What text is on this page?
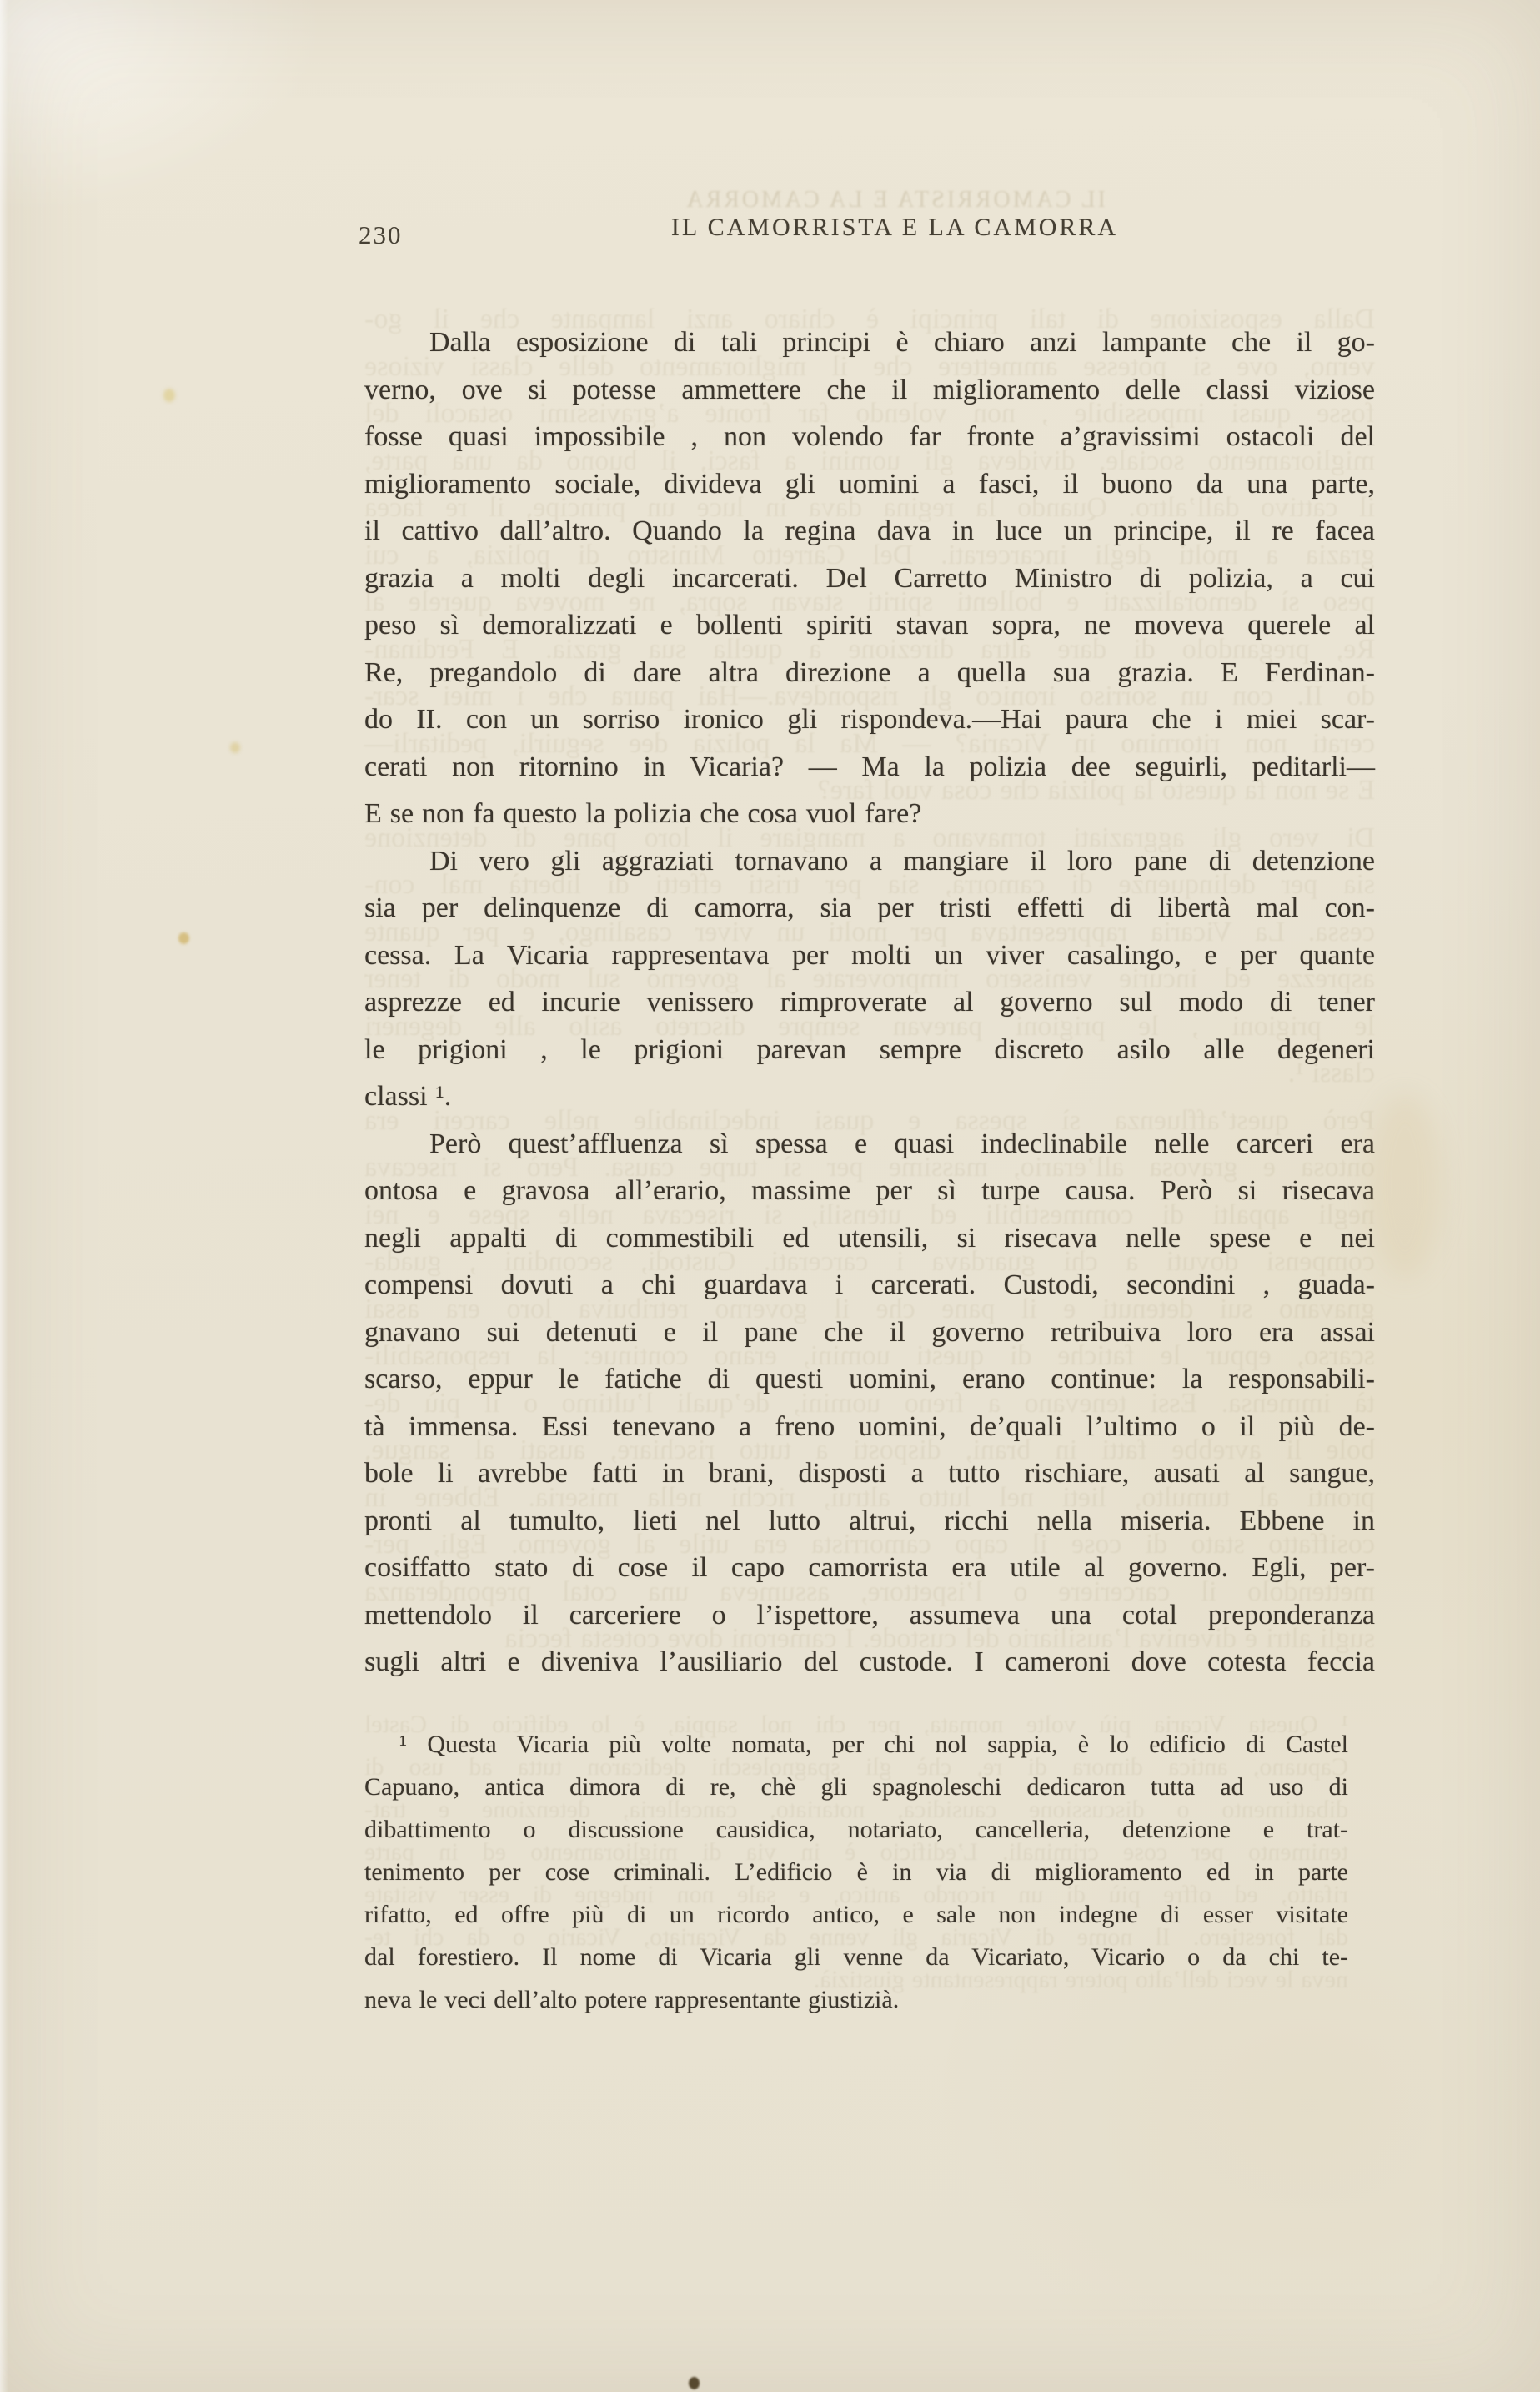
Dalla esposizione di tali principi è chiaro anzi lampante che il go-
verno, ove si potesse ammettere che il miglioramento delle classi viziose
fosse quasi impossibile , non volendo far fronte a’gravissimi ostacoli del
miglioramento sociale, divideva gli uomini a fasci, il buono da una parte,
il cattivo dall’altro. Quando la regina dava in luce un principe, il re facea
grazia a molti degli incarcerati. Del Carretto Ministro di polizia, a cui
peso sì demoralizzati e bollenti spiriti stavan sopra, ne moveva querele al
Re, pregandolo di dare altra direzione a quella sua grazia. E Ferdinan-
do II. con un sorriso ironico gli rispondeva.—Hai paura che i miei scar-
cerati non ritornino in Vicaria? — Ma la polizia dee seguirli, peditarli—
E se non fa questo la polizia che cosa vuol fare?
Di vero gli aggraziati tornavano a mangiare il loro pane di detenzione
sia per delinquenze di camorra, sia per tristi effetti di libertà mal con-
cessa. La Vicaria rappresentava per molti un viver casalingo, e per quante
asprezze ed incurie venissero rimproverate al governo sul modo di tener
le prigioni , le prigioni parevan sempre discreto asilo alle degeneri
classi ¹.
Però quest’affluenza sì spessa e quasi indeclinabile nelle carceri era
ontosa e gravosa all’erario, massime per sì turpe causa. Però si risecava
negli appalti di commestibili ed utensili, si risecava nelle spese e nei
compensi dovuti a chi guardava i carcerati. Custodi, secondini , guada-
gnavano sui detenuti e il pane che il governo retribuiva loro era assai
scarso, eppur le fatiche di questi uomini, erano continue: la responsabili-
tà immensa. Essi tenevano a freno uomini, de’quali l’ultimo o il più de-
bole li avrebbe fatti in brani, disposti a tutto rischiare, ausati al sangue,
pronti al tumulto, lieti nel lutto altrui, ricchi nella miseria. Ebbene in
cosiffatto stato di cose il capo camorrista era utile al governo. Egli, per-
mettendolo il carceriere o l’ispettore, assumeva una cotal preponderanza
sugli altri e diveniva l’ausiliario del custode. I cameroni dove cotesta feccia
¹ Questa Vicaria più volte nomata, per chi nol sappia, è lo edificio di Castel
Capuano, antica dimora di re, chè gli spagnoleschi dedicaron tutta ad uso di
dibattimento o discussione causidica, notariato, cancelleria, detenzione e trat-
tenimento per cose criminali. L’edificio è in via di miglioramento ed in parte
rifatto, ed offre più di un ricordo antico, e sale non indegne di esser visitate
dal forestiero. Il nome di Vicaria gli venne da Vicariato, Vicario o da chi te-
neva le veci dell’alto potere rappresentante giustizià.
IL CAMORRISTA E LA CAMORRA
230	IL CAMORRISTA E LA CAMORRA
Dalla esposizione di tali principi è chiaro anzi lampante che il go-
verno, ove si potesse ammettere che il miglioramento delle classi viziose
fosse quasi impossibile , non volendo far fronte a’gravissimi ostacoli del
miglioramento sociale, divideva gli uomini a fasci, il buono da una parte,
il cattivo dall’altro. Quando la regina dava in luce un principe, il re facea
grazia a molti degli incarcerati. Del Carretto Ministro di polizia, a cui
peso sì demoralizzati e bollenti spiriti stavan sopra, ne moveva querele al
Re, pregandolo di dare altra direzione a quella sua grazia. E Ferdinan-
do II. con un sorriso ironico gli rispondeva.—Hai paura che i miei scar-
cerati non ritornino in Vicaria? — Ma la polizia dee seguirli, peditarli—
E se non fa questo la polizia che cosa vuol fare?
Di vero gli aggraziati tornavano a mangiare il loro pane di detenzione
sia per delinquenze di camorra, sia per tristi effetti di libertà mal con-
cessa. La Vicaria rappresentava per molti un viver casalingo, e per quante
asprezze ed incurie venissero rimproverate al governo sul modo di tener
le prigioni , le prigioni parevan sempre discreto asilo alle degeneri
classi ¹.
Però quest’affluenza sì spessa e quasi indeclinabile nelle carceri era
ontosa e gravosa all’erario, massime per sì turpe causa. Però si risecava
negli appalti di commestibili ed utensili, si risecava nelle spese e nei
compensi dovuti a chi guardava i carcerati. Custodi, secondini , guada-
gnavano sui detenuti e il pane che il governo retribuiva loro era assai
scarso, eppur le fatiche di questi uomini, erano continue: la responsabili-
tà immensa. Essi tenevano a freno uomini, de’quali l’ultimo o il più de-
bole li avrebbe fatti in brani, disposti a tutto rischiare, ausati al sangue,
pronti al tumulto, lieti nel lutto altrui, ricchi nella miseria. Ebbene in
cosiffatto stato di cose il capo camorrista era utile al governo. Egli, per-
mettendolo il carceriere o l’ispettore, assumeva una cotal preponderanza
sugli altri e diveniva l’ausiliario del custode. I cameroni dove cotesta feccia
¹ Questa Vicaria più volte nomata, per chi nol sappia, è lo edificio di Castel
Capuano, antica dimora di re, chè gli spagnoleschi dedicaron tutta ad uso di
dibattimento o discussione causidica, notariato, cancelleria, detenzione e trat-
tenimento per cose criminali. L’edificio è in via di miglioramento ed in parte
rifatto, ed offre più di un ricordo antico, e sale non indegne di esser visitate
dal forestiero. Il nome di Vicaria gli venne da Vicariato, Vicario o da chi te-
neva le veci dell’alto potere rappresentante giustizià.
